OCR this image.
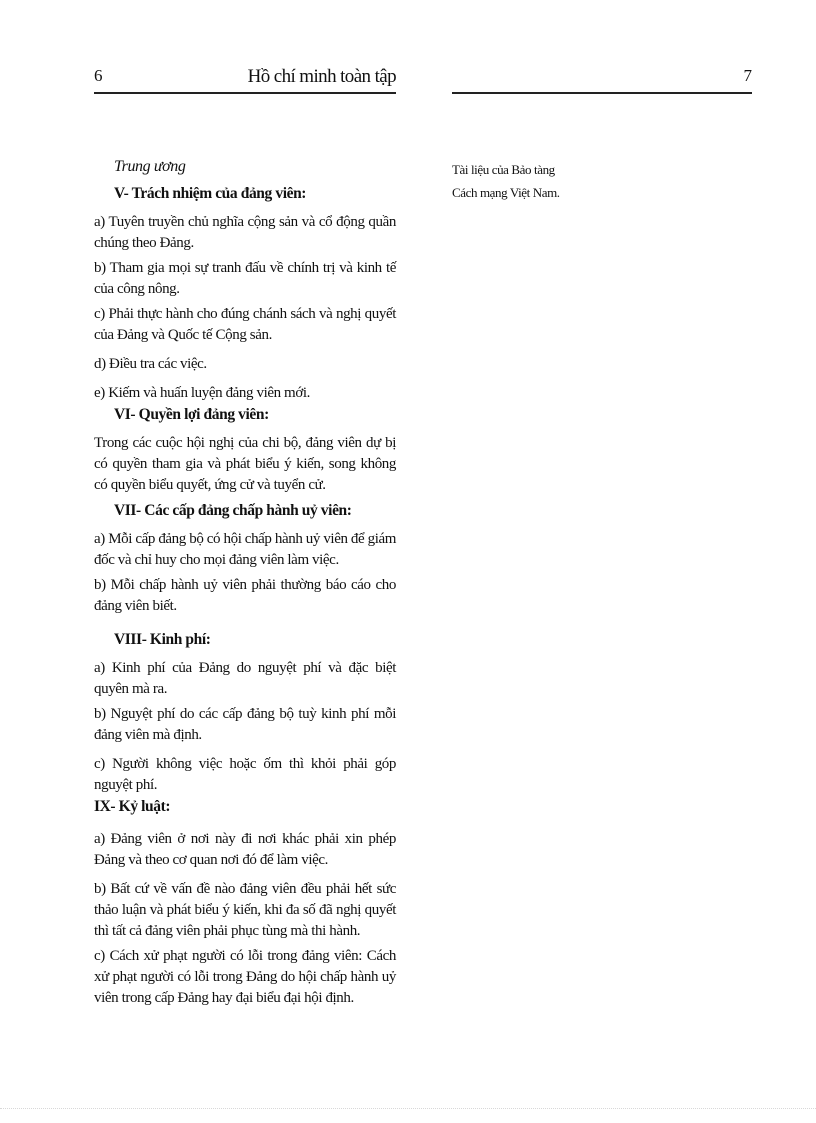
6	Hồ chí minh toàn tập	7

Trung ương

V- Trách nhiệm của đảng viên:

a) Tuyên truyền chủ nghĩa cộng sản và cổ động quần chúng theo Đảng.

b) Tham gia mọi sự tranh đấu về chính trị và kinh tế của công nông.

c) Phải thực hành cho đúng chánh sách và nghị quyết của Đảng và Quốc tế Cộng sản.

d) Điều tra các việc.

e) Kiếm và huấn luyện đảng viên mới.

VI- Quyền lợi đảng viên:

Trong các cuộc hội nghị của chi bộ, đảng viên dự bị có quyền tham gia và phát biểu ý kiến, song không có quyền biểu quyết, ứng cử và tuyển cử.

VII- Các cấp đảng chấp hành uỷ viên:

a) Mỗi cấp đảng bộ có hội chấp hành uỷ viên để giám đốc và chỉ huy cho mọi đảng viên làm việc.

b) Mỗi chấp hành uỷ viên phải thường báo cáo cho đảng viên biết.

VIII- Kinh phí:

a) Kinh phí của Đảng do nguyệt phí và đặc biệt quyên mà ra.

b) Nguyệt phí do các cấp đảng bộ tuỳ kinh phí mỗi đảng viên mà định.

c) Người không việc hoặc ốm thì khỏi phải góp nguyệt phí.

IX- Kỷ luật:

a) Đảng viên ở nơi này đi nơi khác phải xin phép Đảng và theo cơ quan nơi đó để làm việc.

b) Bất cứ về vấn đề nào đảng viên đều phải hết sức thảo luận và phát biểu ý kiến, khi đa số đã nghị quyết thì tất cả đảng viên phải phục tùng mà thi hành.

c) Cách xử phạt người có lỗi trong đảng viên: Cách xử phạt người có lỗi trong Đảng do hội chấp hành uỷ viên trong cấp Đảng hay đại biểu đại hội định.

Tài liệu của Bảo tàng

Cách mạng Việt Nam.
